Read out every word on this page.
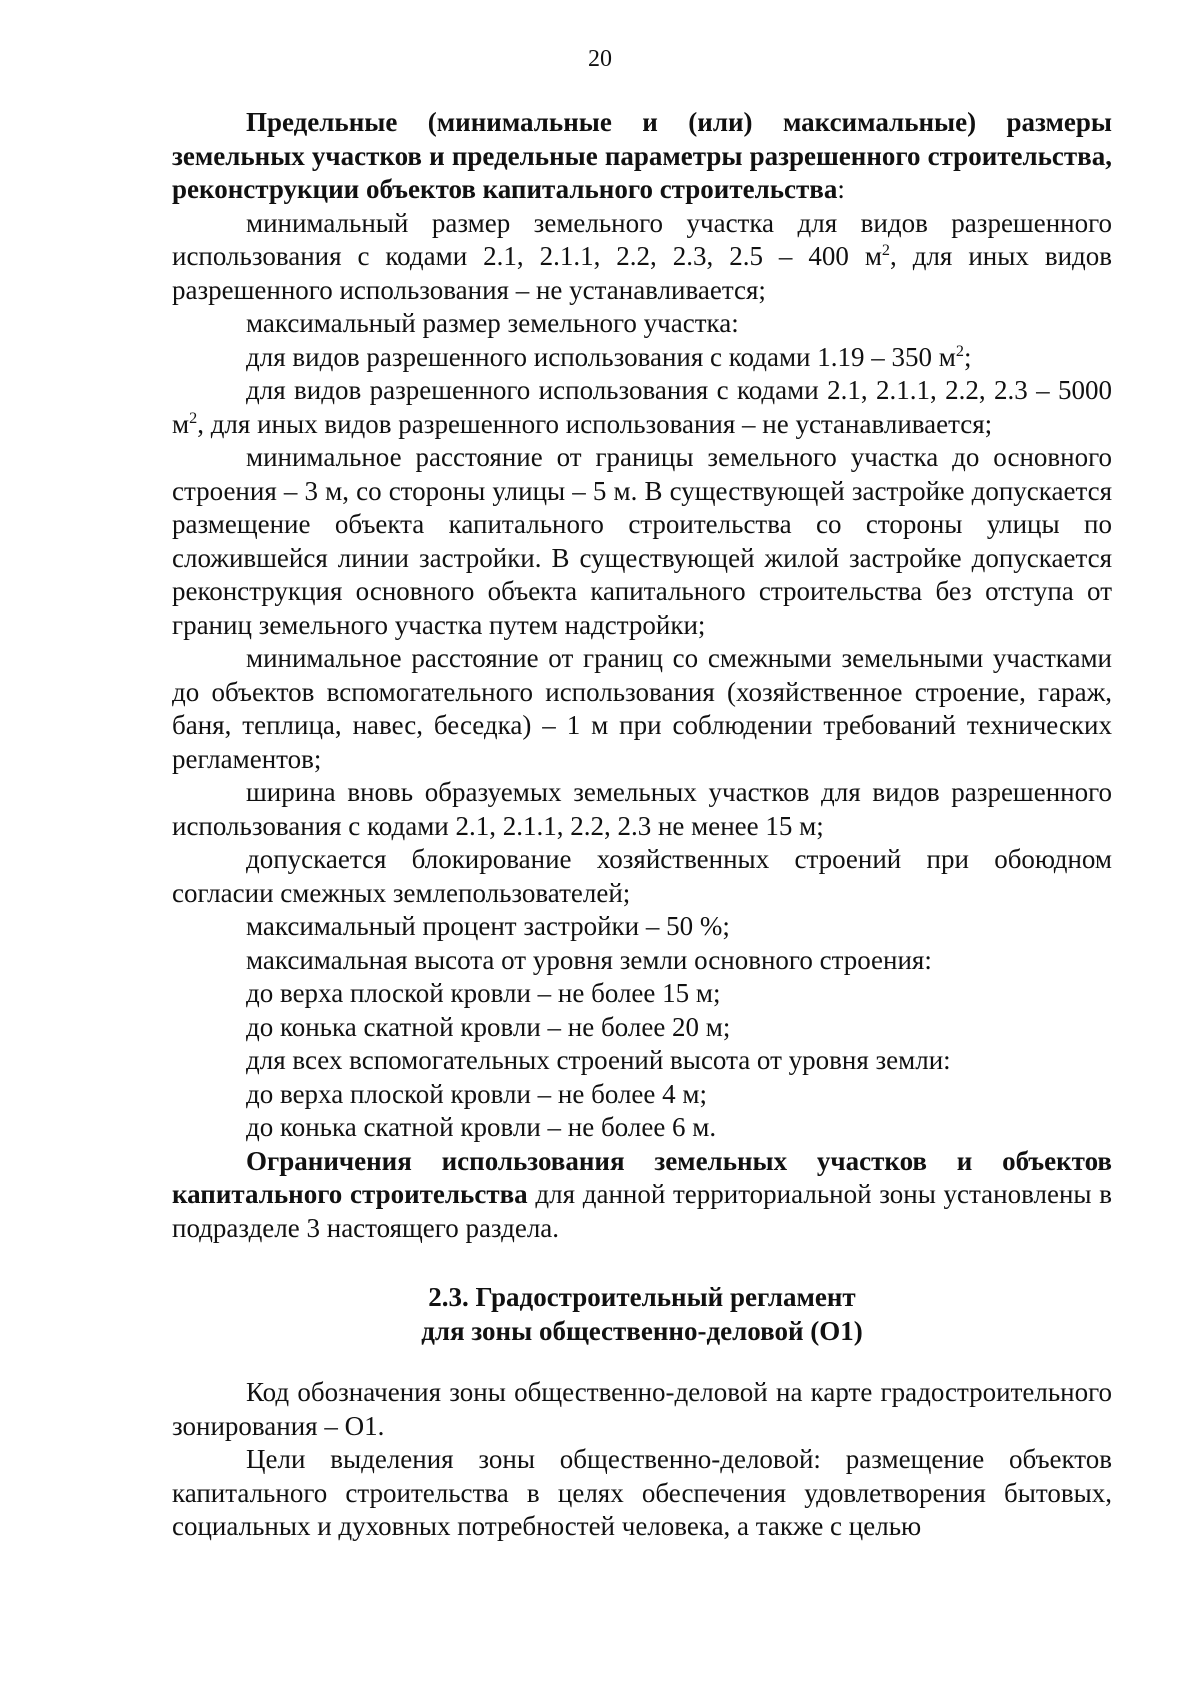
20

Предельные (минимальные и (или) максимальные) размеры земельных участков и предельные параметры разрешенного строительства, реконструкции объектов капитального строительства:

минимальный размер земельного участка для видов разрешенного использования с кодами 2.1, 2.1.1, 2.2, 2.3, 2.5 – 400 $м^2$, для иных видов разрешенного использования – не устанавливается;

максимальный размер земельного участка:

для видов разрешенного использования с кодами 1.19 – 350 $м^2$;

для видов разрешенного использования с кодами 2.1, 2.1.1, 2.2, 2.3 – 5000 $м^2$, для иных видов разрешенного использования – не устанавливается;

минимальное расстояние от границы земельного участка до основного строения – 3 м, со стороны улицы – 5 м. В существующей застройке допускается размещение объекта капитального строительства со стороны улицы по сложившейся линии застройки. В существующей жилой застройке допускается реконструкция основного объекта капитального строительства без отступа от границ земельного участка путем надстройки;

минимальное расстояние от границ со смежными земельными участками до объектов вспомогательного использования (хозяйственное строение, гараж, баня, теплица, навес, беседка) – 1 м при соблюдении требований технических регламентов;

ширина вновь образуемых земельных участков для видов разрешенного использования с кодами 2.1, 2.1.1, 2.2, 2.3 не менее 15 м;

допускается блокирование хозяйственных строений при обоюдном согласии смежных землепользователей;

максимальный процент застройки – 50 %;

максимальная высота от уровня земли основного строения:

до верха плоской кровли – не более 15 м;

до конька скатной кровли – не более 20 м;

для всех вспомогательных строений высота от уровня земли:

до верха плоской кровли – не более 4 м;

до конька скатной кровли – не более 6 м.

Ограничения использования земельных участков и объектов капитального строительства для данной территориальной зоны установлены в подразделе 3 настоящего раздела.

2.3. Градостроительный регламент
для зоны общественно-деловой (О1)

Код обозначения зоны общественно-деловой на карте градостроительного зонирования – О1.

Цели выделения зоны общественно-деловой: размещение объектов капитального строительства в целях обеспечения удовлетворения бытовых, социальных и духовных потребностей человека, а также с целью
